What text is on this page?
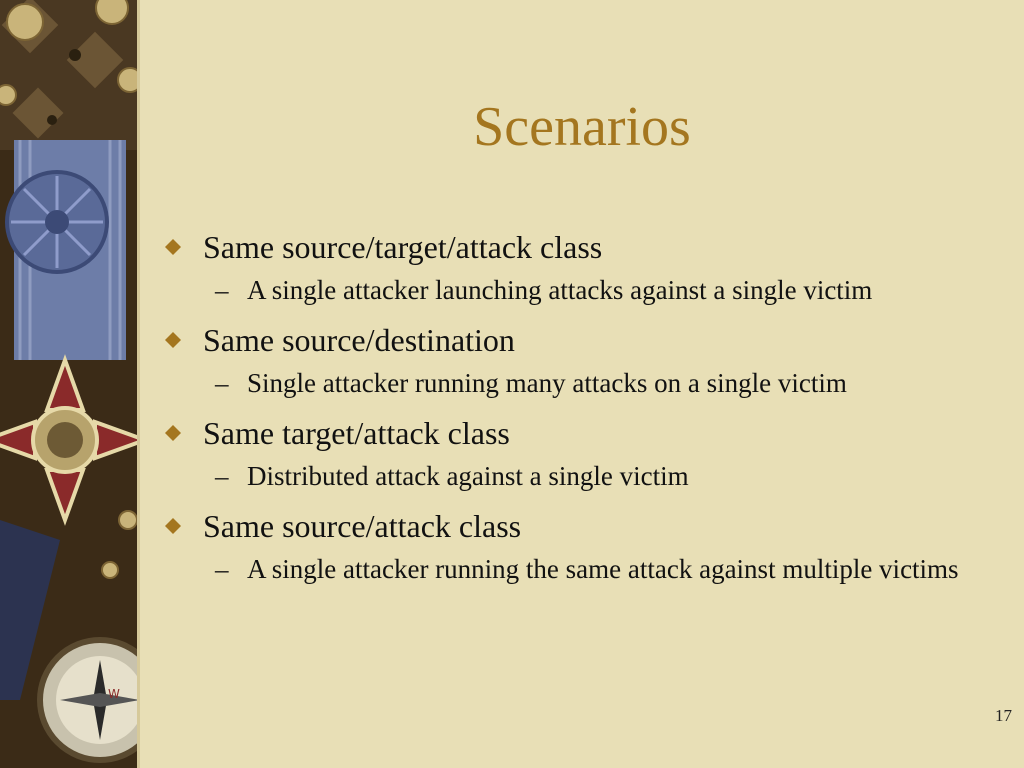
W
Scenarios

Same source/target/attack class

– A single attacker launching attacks against a single victim

Same source/destination

– Single attacker running many attacks on a single victim

Same target/attack class

– Distributed attack against a single victim

Same source/attack class

– A single attacker running the same attack against multiple victims

17
